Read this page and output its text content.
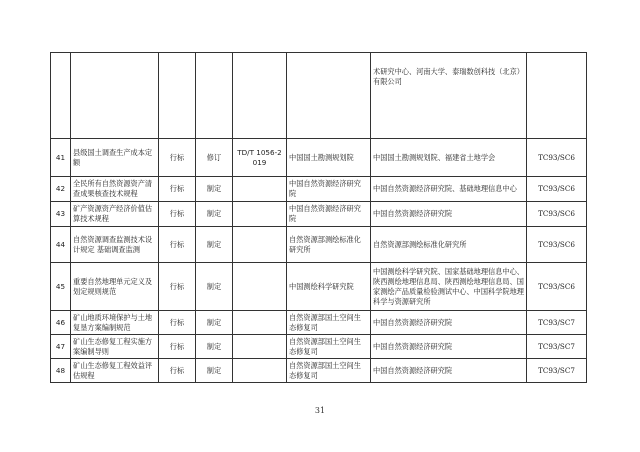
						术研究中心、河南大学、泰瑞数创科技（北京）有限公司	
41	县级国土调查生产成本定额	行标	修订	TD/T 1056-2019	中国国土勘测规划院	中国国土勘测规划院、福建省土地学会	TC93/SC6
42	全民所有自然资源资产清查成果核查技术规程	行标	制定		中国自然资源经济研究院	中国自然资源经济研究院、基础地理信息中心	TC93/SC6
43	矿产资源资产经济价值估算技术规程	行标	制定		中国自然资源经济研究院	中国自然资源经济研究院	TC93/SC6
44	自然资源调查监测技术设计规定 基础调查监测	行标	制定		自然资源部测绘标准化研究所	自然资源部测绘标准化研究所	TC93/SC6
45	重要自然地理单元定义及划定规则规范	行标	制定		中国测绘科学研究院	中国测绘科学研究院、国家基础地理信息中心、陕西测绘地理信息局、陕西测绘地理信息局、国家测绘产品质量检验测试中心、中国科学院地理科学与资源研究所	TC93/SC6
46	矿山地质环境保护与土地复垦方案编制规范	行标	制定		自然资源部国土空间生态修复司	中国自然资源经济研究院	TC93/SC7
47	矿山生态修复工程实施方案编制导则	行标	制定		自然资源部国土空间生态修复司	中国自然资源经济研究院	TC93/SC7
48	矿山生态修复工程效益评估规程	行标	制定		自然资源部国土空间生态修复司	中国自然资源经济研究院	TC93/SC7
31
